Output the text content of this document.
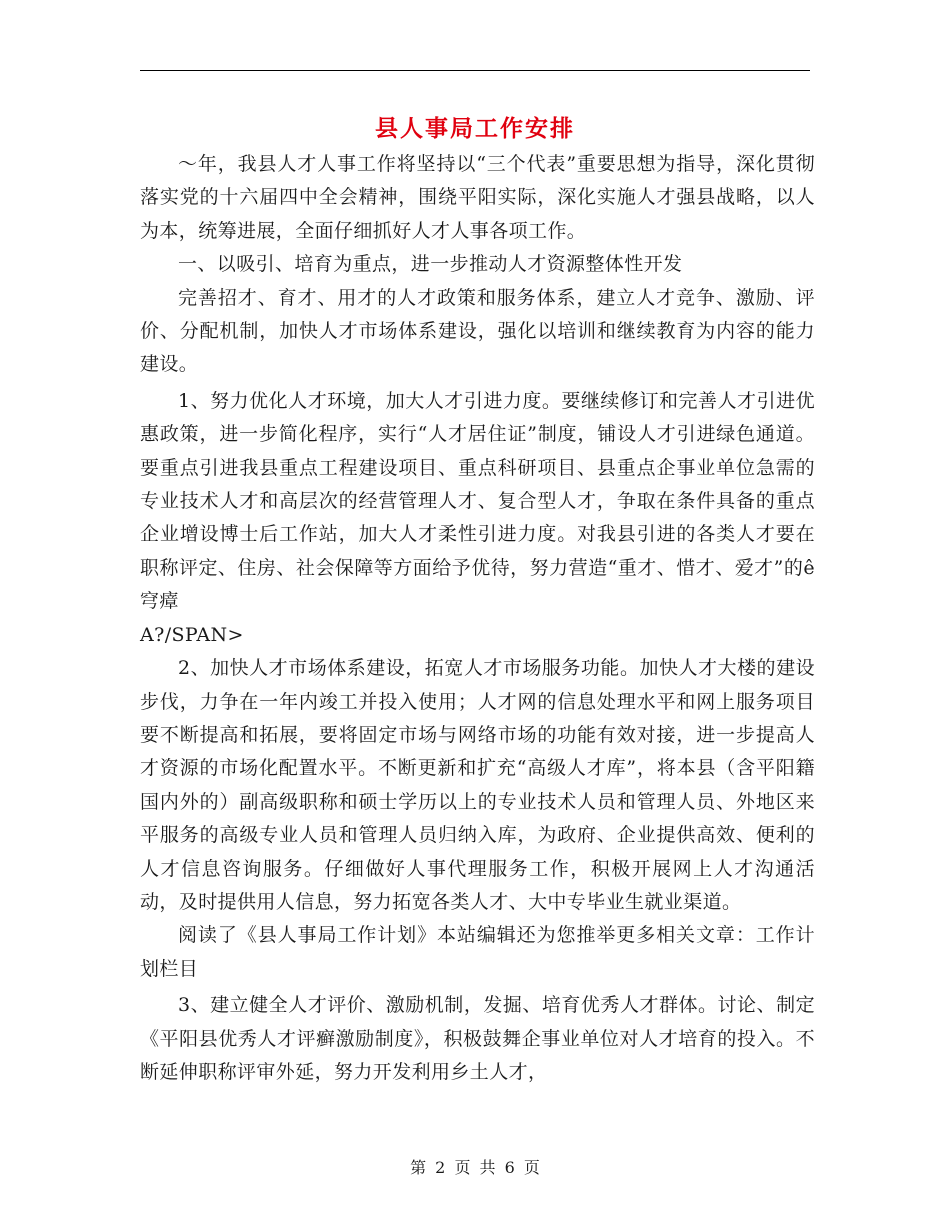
县人事局工作安排

～年，我县人才人事工作将坚持以“三个代表”重要思想为指导，深化贯彻落实党的十六届四中全会精神，围绕平阳实际，深化实施人才强县战略，以人为本，统筹进展，全面仔细抓好人才人事各项工作。

一、以吸引、培育为重点，进一步推动人才资源整体性开发

完善招才、育才、用才的人才政策和服务体系，建立人才竞争、激励、评价、分配机制，加快人才市场体系建设，强化以培训和继续教育为内容的能力建设。

1、努力优化人才环境，加大人才引进力度。要继续修订和完善人才引进优惠政策，进一步简化程序，实行“人才居住证”制度，铺设人才引进绿色通道。要重点引进我县重点工程建设项目、重点科研项目、县重点企事业单位急需的专业技术人才和高层次的经营管理人才、复合型人才，争取在条件具备的重点企业增设博士后工作站，加大人才柔性引进力度。对我县引进的各类人才要在职称评定、住房、社会保障等方面给予优待，努力营造“重才、惜才、爱才”的ê穹瘴

A?/SPAN>

2、加快人才市场体系建设，拓宽人才市场服务功能。加快人才大楼的建设步伐，力争在一年内竣工并投入使用；人才网的信息处理水平和网上服务项目要不断提高和拓展，要将固定市场与网络市场的功能有效对接，进一步提高人才资源的市场化配置水平。不断更新和扩充“高级人才库”，将本县（含平阳籍国内外的）副高级职称和硕士学历以上的专业技术人员和管理人员、外地区来平服务的高级专业人员和管理人员归纳入库，为政府、企业提供高效、便利的人才信息咨询服务。仔细做好人事代理服务工作，积极开展网上人才沟通活动，及时提供用人信息，努力拓宽各类人才、大中专毕业生就业渠道。

阅读了《县人事局工作计划》本站编辑还为您推举更多相关文章：工作计划栏目

3、建立健全人才评价、激励机制，发掘、培育优秀人才群体。讨论、制定《平阳县优秀人才评癣激励制度》，积极鼓舞企事业单位对人才培育的投入。不断延伸职称评审外延，努力开发利用乡土人才，

第 2 页 共 6 页
